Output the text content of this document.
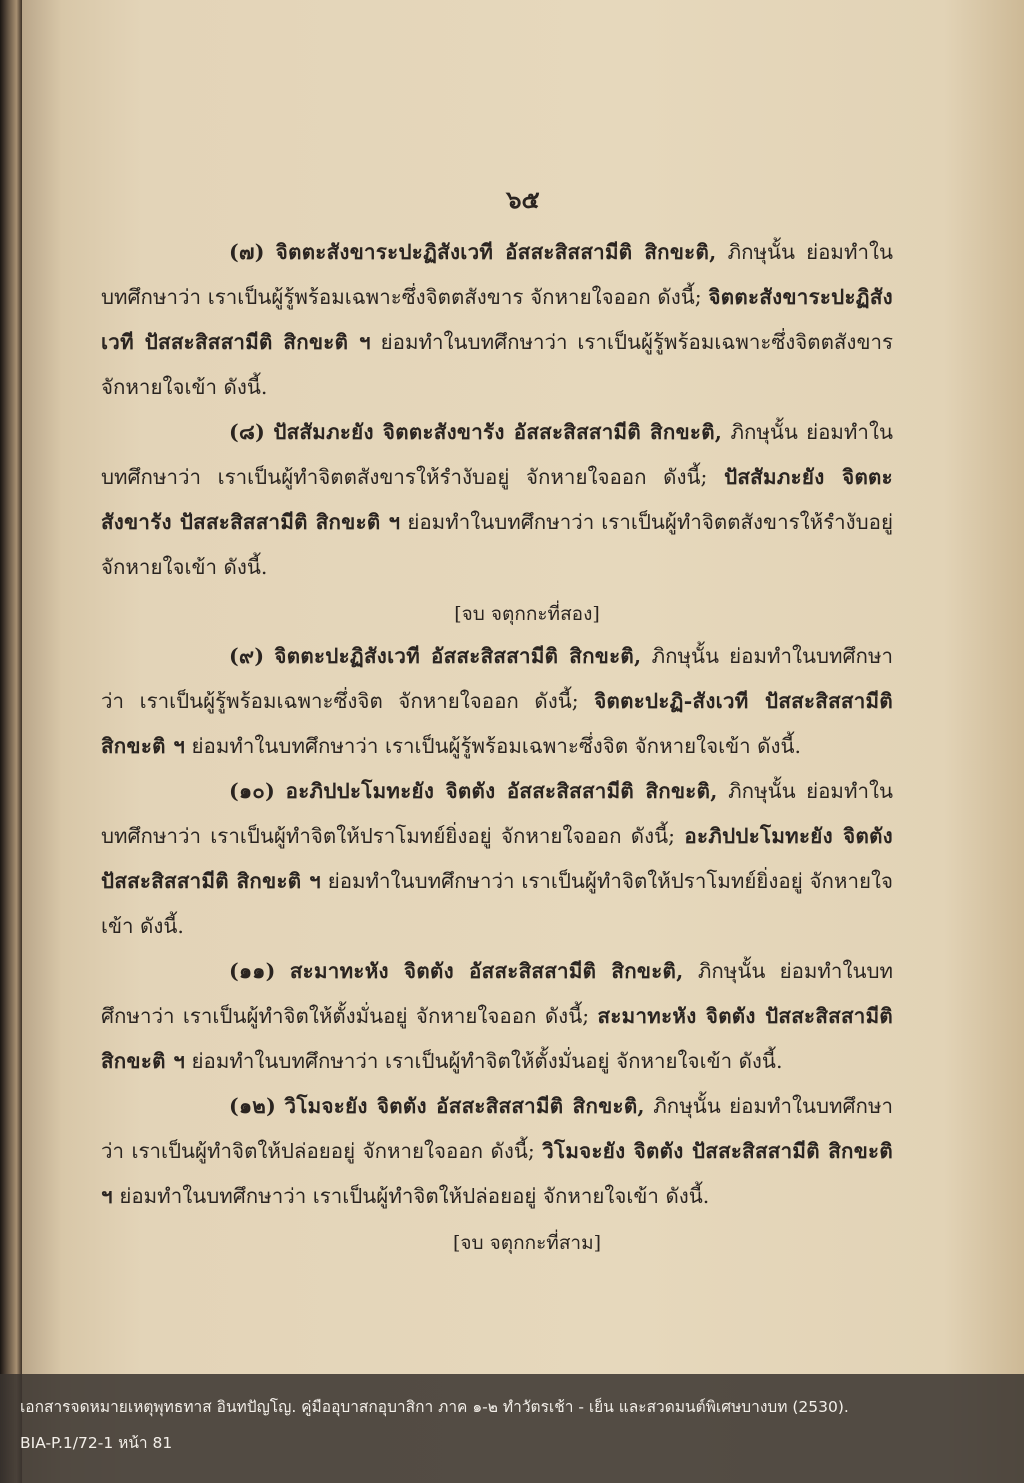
๖๕

(๗) จิตตะสังขาระปะฏิสังเวที อัสสะสิสสามีติ สิกขะติ, ภิกษุนั้น ย่อมทำในบทศึกษาว่า เราเป็นผู้รู้พร้อมเฉพาะซึ่งจิตตสังขาร จักหายใจออก ดังนี้; จิตตะสังขาระปะฏิสังเวที ปัสสะสิสสามีติ สิกขะติ ฯ ย่อมทำในบทศึกษาว่า เราเป็นผู้รู้พร้อมเฉพาะซึ่งจิตตสังขาร จักหายใจเข้า ดังนี้.

(๘) ปัสสัมภะยัง จิตตะสังขารัง อัสสะสิสสามีติ สิกขะติ, ภิกษุนั้น ย่อมทำในบทศึกษาว่า เราเป็นผู้ทำจิตตสังขารให้รำงับอยู่ จักหายใจออก ดังนี้; ปัสสัมภะยัง จิตตะสังขารัง ปัสสะสิสสามีติ สิกขะติ ฯ ย่อมทำในบทศึกษาว่า เราเป็นผู้ทำจิตตสังขารให้รำงับอยู่ จักหายใจเข้า ดังนี้.

[จบ จตุกกะที่สอง]

(๙) จิตตะปะฏิสังเวที อัสสะสิสสามีติ สิกขะติ, ภิกษุนั้น ย่อมทำในบทศึกษาว่า เราเป็นผู้รู้พร้อมเฉพาะซึ่งจิต จักหายใจออก ดังนี้; จิตตะปะฏิ-สังเวที ปัสสะสิสสามีติ สิกขะติ ฯ ย่อมทำในบทศึกษาว่า เราเป็นผู้รู้พร้อมเฉพาะซึ่งจิต จักหายใจเข้า ดังนี้.

(๑๐) อะภิปปะโมทะยัง จิตตัง อัสสะสิสสามีติ สิกขะติ, ภิกษุนั้น ย่อมทำในบทศึกษาว่า เราเป็นผู้ทำจิตให้ปราโมทย์ยิ่งอยู่ จักหายใจออก ดังนี้; อะภิปปะโมทะยัง จิตตัง ปัสสะสิสสามีติ สิกขะติ ฯ ย่อมทำในบทศึกษาว่า เราเป็นผู้ทำจิตให้ปราโมทย์ยิ่งอยู่ จักหายใจเข้า ดังนี้.

(๑๑) สะมาทะหัง จิตตัง อัสสะสิสสามีติ สิกขะติ, ภิกษุนั้น ย่อมทำในบทศึกษาว่า เราเป็นผู้ทำจิตให้ตั้งมั่นอยู่ จักหายใจออก ดังนี้; สะมาทะหัง จิตตัง ปัสสะสิสสามีติ สิกขะติ ฯ ย่อมทำในบทศึกษาว่า เราเป็นผู้ทำจิตให้ตั้งมั่นอยู่ จักหายใจเข้า ดังนี้.

(๑๒) วิโมจะยัง จิตตัง อัสสะสิสสามีติ สิกขะติ, ภิกษุนั้น ย่อมทำในบทศึกษาว่า เราเป็นผู้ทำจิตให้ปล่อยอยู่ จักหายใจออก ดังนี้; วิโมจะยัง จิตตัง ปัสสะสิสสามีติ สิกขะติ ฯ ย่อมทำในบทศึกษาว่า เราเป็นผู้ทำจิตให้ปล่อยอยู่ จักหายใจเข้า ดังนี้.

[จบ จตุกกะที่สาม]
เอกสารจดหมายเหตุพุทธทาส อินทปัญโญ. คู่มืออุบาสกอุบาสิกา ภาค ๑-๒ ทำวัตรเช้า - เย็น และสวดมนต์พิเศษบางบท (2530).
BIA-P.1/72-1 หน้า 81
